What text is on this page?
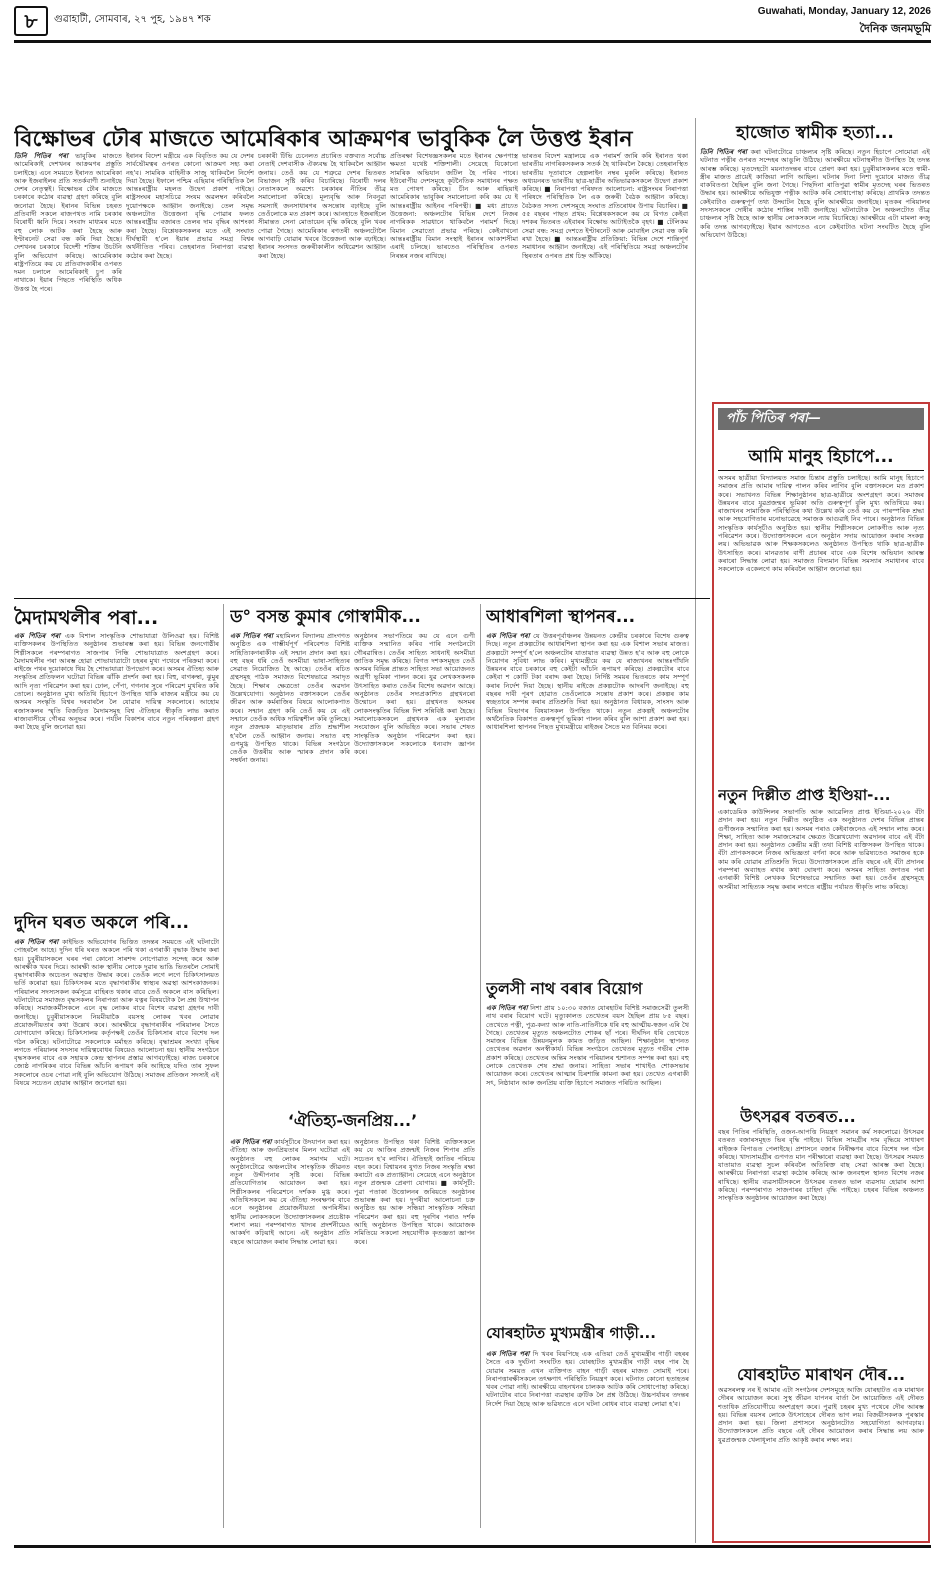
৮	গুৱাহাটী, সোমবাৰ, ২৭ পুহ, ১৯৪৭ শক
Guwahati, Monday, January 12, 2026
দৈনিক জনমভূমি
বিক্ষোভৰ ঢৌৰ মাজতে আমেৰিকাৰ আক্ৰমণৰ ভাবুকিক লৈ উত্তপ্ত ইৰান	হাজোত স্বামীক হত্যা...
তিনি পিতিৰ পৰা ভাবুকিৰ মাজতে আমেৰিকাই দেশখনৰ আক্ৰমণৰ প্ৰস্তুতি চলাইছে। এনে সময়তে ইৰানত আমেৰিকা আৰু ইজৰাইলৰ প্ৰতি সতৰ্কবাণী শুনাইছে দেশৰ নেতৃত্বই। বিক্ষোভৰ ঢৌৰ মাজতে চৰকাৰে কঠোৰ ব্যৱস্থা গ্ৰহণ কৰিছে বুলি জনোৱা হৈছে। ইৰানৰ বিভিন্ন চহৰত প্ৰতিবাদী সকলে ৰাজপথত নামি চৰকাৰ বিৰোধী ধ্বনি দিয়ে। সংবাদ মাধ্যমৰ মতে বহু লোক আটক কৰা হৈছে আৰু ইণ্টাৰনেট সেৱা বন্ধ কৰি দিয়া হৈছে। দেশখনৰ চৰকাৰে বিদেশী শক্তিৰ উচটনি বুলি অভিযোগ কৰিছে। আমেৰিকাৰ ৰাষ্ট্ৰপতিয়ে কয় যে প্ৰতিবাদকাৰীৰ ওপৰত দমন চলালে আমেৰিকাই চুপ কৰি নাথাকে। ইয়াৰ পিছতে পৰিস্থিতি অধিক উত্তপ্ত হৈ পৰে।
ইৰানৰ বিদেশ মন্ত্ৰীয়ে এক বিবৃতিত কয় যে দেশৰ সাৰ্বভৌমত্বৰ ওপৰত কোনো আক্ৰমণ সহ্য কৰা নহ'ব। সামৰিক বাহিনীক সাজু থাকিবলৈ নিৰ্দেশ দিয়া হৈছে। ইফালে পশ্চিম এছিয়াৰ পৰিস্থিতিক লৈ আন্তঃৰাষ্ট্ৰীয় মহলত উদ্বেগ প্ৰকাশ পাইছে। ৰাষ্ট্ৰসংঘৰ মহাসচিৱে সংযম অৱলম্বন কৰিবলৈ দুয়োপক্ষকে আহ্বান জনাইছে। তেল সমৃদ্ধ অঞ্চলটোত উত্তেজনা বৃদ্ধি পোৱাৰ ফলত আন্তঃৰাষ্ট্ৰীয় বজাৰত তেলৰ দাম বৃদ্ধিৰ আশংকা কৰা হৈছে। বিশ্লেষকসকলৰ মতে এই সংঘাত দীৰ্ঘস্থায়ী হ'লে ইয়াৰ প্ৰভাৱ সমগ্ৰ বিশ্বৰ অৰ্থনীতিত পৰিব। তেহৰানত নিৰাপত্তা ব্যৱস্থা কঠোৰ কৰা হৈছে।
চৰকাৰী টিভি চেনেলত প্ৰচাৰিত বক্তব্যত সৰ্বোচ্চ নেতাই দেশবাসীক ঐক্যবদ্ধ হৈ থাকিবলৈ আহ্বান জনায়। তেওঁ কয় যে শত্ৰুৱে দেশৰ ভিতৰত বিভাজন সৃষ্টি কৰিব বিচাৰিছে। বিৰোধী দলৰ নেতাসকলে অৱশ্যে চৰকাৰৰ নীতিৰ তীব্ৰ সমালোচনা কৰিছে। মূল্যবৃদ্ধি আৰু নিবনুৱা সমস্যাই জনসাধাৰণৰ অসন্তোষ বঢ়াইছে বুলি তেওঁলোকে মত প্ৰকাশ কৰে। আনহাতে ইজৰাইলে সীমান্তত সেনা মোতায়েন বৃদ্ধি কৰিছে বুলি খবৰ পোৱা গৈছে। আমেৰিকাৰ ৰণতৰী অঞ্চলটোলৈ আগবাঢ়ি যোৱাৰ খবৰে উত্তেজনা আৰু বঢ়াইছে। ইৰানৰ সংসদত জৰুৰীকালীন অধিৱেশন আহ্বান কৰা হৈছে।
প্ৰতিৰক্ষা বিশেষজ্ঞসকলৰ মতে ইৰানৰ ক্ষেপণাস্ত্ৰ ক্ষমতা যথেষ্ট শক্তিশালী। সেয়েহে যিকোনো সামৰিক অভিযান জটিল হৈ পৰিব পাৰে। ইউৰোপীয় দেশসমূহে কূটনৈতিক সমাধানৰ পক্ষত মত পোষণ কৰিছে। চীন আৰু ৰাছিয়াই আমেৰিকাৰ ভাবুকিৰ সমালোচনা কৰি কয় যে ই আন্তঃৰাষ্ট্ৰীয় আইনৰ পৰিপন্থী। ■ মধ্য প্ৰাচ্যত উত্তেজনা: অঞ্চলটোৰ বিভিন্ন দেশে নিজৰ নাগৰিকক সাৱধানে থাকিবলৈ পৰামৰ্শ দিছে। বিমান সেৱাতো প্ৰভাৱ পৰিছে। কেইবাখনো আন্তঃৰাষ্ট্ৰীয় বিমান সংস্থাই ইৰানৰ আকাশসীমা এৰাই চলিছে। ভাৰতেও পৰিস্থিতিৰ ওপৰত নিৰন্তৰ নজৰ ৰাখিছে।
ভাৰতৰ বিদেশ মন্ত্ৰালয়ে এক পৰামৰ্শ জাৰি কৰি ইৰানত থকা ভাৰতীয় নাগৰিকসকলক সতৰ্ক হৈ থাকিবলৈ কৈছে। তেহৰানস্থিত ভাৰতীয় দূতাবাসে হেল্পলাইন নম্বৰ মুকলি কৰিছে। ইৰানত অধ্যয়নৰত ভাৰতীয় ছাত্ৰ-ছাত্ৰীৰ অভিভাৱকসকলে উদ্বেগ প্ৰকাশ কৰিছে। ■ নিৰাপত্তা পৰিষদত আলোচনা: ৰাষ্ট্ৰসংঘৰ নিৰাপত্তা পৰিষদে পৰিস্থিতিক লৈ এক জৰুৰী বৈঠক আহ্বান কৰিছে। বৈঠকত সদস্য দেশসমূহে সংঘাত প্ৰতিৰোধৰ উপায় বিচাৰিব। ■ ৫৫ বছৰৰ পাছত প্ৰথম: বিশ্লেষকসকলে কয় যে বিগত কেইবা দশকৰ ভিতৰত এইবাৰৰ বিক্ষোভ আটাইতকৈ বৃহৎ। ■ টেলিকম সেৱা বন্ধ: সমগ্ৰ দেশতে ইণ্টাৰনেট আৰু মোবাইল সেৱা বন্ধ কৰি ৰখা হৈছে। ■ আন্তঃৰাষ্ট্ৰীয় প্ৰতিক্ৰিয়া: বিভিন্ন দেশে শান্তিপূৰ্ণ সমাধানৰ আহ্বান জনাইছে। এই পৰিস্থিতিয়ে সমগ্ৰ অঞ্চলটোৰ স্থিৰতাৰ ওপৰত প্ৰশ্ন চিহ্ন আঁকিছে।
তিনি পিতিৰ পৰা কৰা ঘটনাটোৱে চাঞ্চল্যৰ সৃষ্টি কৰিছে। নতুন হিচাপে সোমোৱা এই ঘটনাত পত্নীৰ ওপৰত সন্দেহৰ আঙুলি উঠিছে। আৰক্ষীয়ে ঘটনাস্থলীত উপস্থিত হৈ তদন্ত আৰম্ভ কৰিছে। মৃতদেহটো ময়নাতদন্তৰ বাবে প্ৰেৰণ কৰা হয়। চুবুৰীয়াসকলৰ মতে স্বামী-স্ত্ৰীৰ মাজত প্ৰায়েই কাজিয়া লাগি আছিল। ঘটনাৰ দিনা নিশা দুয়োৰে মাজত তীব্ৰ বাকবিতণ্ডা হৈছিল বুলি জনা গৈছে। পিছদিনা ৰাতিপুৱা স্বামীৰ মৃতদেহ ঘৰৰ ভিতৰত উদ্ধাৰ হয়। আৰক্ষীয়ে অভিযুক্ত পত্নীক আটক কৰি সোধাপোছা কৰিছে। প্ৰাথমিক তদন্তত কেইবাটাও গুৰুত্বপূৰ্ণ তথ্য উদ্ঘাটন হৈছে বুলি আৰক্ষীয়ে জনাইছে। মৃতকৰ পৰিয়ালৰ সদস্যসকলে দোষীৰ কঠোৰ শাস্তিৰ দাবী জনাইছে। ঘটনাটোক লৈ অঞ্চলটোত তীব্ৰ চাঞ্চল্যৰ সৃষ্টি হৈছে আৰু স্থানীয় লোকসকলে ন্যায় বিচাৰিছে। আৰক্ষীয়ে এটা মামলা ৰুজু কৰি তদন্ত আগবঢ়াইছে। ইয়াৰ আগতেও এনে কেইবাটাও ঘটনা সংঘটিত হৈছে বুলি অভিযোগ উঠিছে।
পাঁচ পিতিৰ পৰা—
আমি মানুহ হিচাপে...
অসমৰ ছাত্ৰীয়া বিদ্যালয়ত সমাজ চিন্তাৰ প্ৰস্তুতি চলাইছে। আমি মানুহ হিচাপে সমাজৰ প্ৰতি আমাৰ দায়িত্ব পালন কৰিব লাগিব বুলি বক্তাসকলে মত প্ৰকাশ কৰে। সভাখনত বিভিন্ন শিক্ষানুষ্ঠানৰ ছাত্ৰ-ছাত্ৰীয়ে অংশগ্ৰহণ কৰে। সমাজৰ উন্নয়নৰ বাবে যুৱপ্ৰজন্মৰ ভূমিকা অতি গুৰুত্বপূৰ্ণ বুলি মুখ্য অতিথিয়ে কয়। ৰাজ্যখনৰ সামাজিক পৰিস্থিতিৰ কথা উল্লেখ কৰি তেওঁ কয় যে পাৰস্পৰিক শ্ৰদ্ধা আৰু সহযোগিতাৰ মনোভাৱেহে সমাজক আগুৱাই নিব পাৰে। অনুষ্ঠানত বিভিন্ন সাংস্কৃতিক কাৰ্যসূচীও অনুষ্ঠিত হয়। স্থানীয় শিল্পীসকলে লোকগীত আৰু নৃত্য পৰিৱেশন কৰে। উদ্যোক্তাসকলে এনে অনুষ্ঠান সদায় আয়োজন কৰাৰ সংকল্প লয়। অভিভাৱক আৰু শিক্ষকসকলেও অনুষ্ঠানত উপস্থিত থাকি ছাত্ৰ-ছাত্ৰীক উৎসাহিত কৰে। মানৱতাৰ বাণী প্ৰচাৰৰ বাবে এক বিশেষ অভিযান আৰম্ভ কৰাৰো সিদ্ধান্ত লোৱা হয়। সমাজত বিদ্যমান বিভিন্ন সমস্যাৰ সমাধানৰ বাবে সকলোকে একেলগে কাম কৰিবলৈ আহ্বান জনোৱা হয়।
নতুন দিল্লীত প্ৰাপ্ত ইণ্ডিয়া-...
একাডেমিক কাউন্সিলৰ সভাপতি আৰু আৱেলিত প্ৰাপ্ত ইণ্ডিয়া-২০২৬ বঁটা প্ৰদান কৰা হয়। নতুন দিল্লীত অনুষ্ঠিত এক অনুষ্ঠানত দেশৰ বিভিন্ন প্ৰান্তৰ গুণীজনক সন্মানিত কৰা হয়। অসমৰ পৰাও কেইবাজনেও এই সন্মান লাভ কৰে। শিক্ষা, সাহিত্য আৰু সমাজসেৱাৰ ক্ষেত্ৰত উল্লেখযোগ্য অৱদানৰ বাবে এই বঁটা প্ৰদান কৰা হয়। অনুষ্ঠানত কেন্দ্ৰীয় মন্ত্ৰী তথা বিশিষ্ট ব্যক্তিসকল উপস্থিত থাকে। বঁটা প্ৰাপকসকলে নিজৰ অভিজ্ঞতা বৰ্ণনা কৰে আৰু ভৱিষ্যতেও সমাজৰ হকে কাম কৰি যোৱাৰ প্ৰতিশ্ৰুতি দিয়ে। উদ্যোক্তাসকলে প্ৰতি বছৰে এই বঁটা প্ৰদানৰ পৰম্পৰা অব্যাহত ৰখাৰ কথা ঘোষণা কৰে। অসমৰ সাহিত্য জগতৰ পৰা এগৰাকী বিশিষ্ট লেখকক বিশেষভাৱে সন্মানিত কৰা হয়। তেওঁৰ গ্ৰন্থসমূহে অসমীয়া সাহিত্যক সমৃদ্ধ কৰাৰ লগতে ৰাষ্ট্ৰীয় পৰ্যায়ত স্বীকৃতি লাভ কৰিছে।
উৎসৱৰ বতৰত...
বছৰ পিতিৰ পৰিস্থিতি, ওজন-আপত্তি নিয়ন্ত্ৰণ সমানৰ কৰ্ম সকলোৱে। উৎসৱৰ বতৰত বজাৰসমূহত ভিৰ বৃদ্ধি পাইছে। বিভিন্ন সামগ্ৰীৰ দাম বৃদ্ধিয়ে সাধাৰণ ৰাইজক বিপাঙত পেলাইছে। প্ৰশাসনে বজাৰ নিৰীক্ষণৰ বাবে বিশেষ দল গঠন কৰিছে। খাদ্যসামগ্ৰীৰ গুণগত মান পৰীক্ষাৰো ব্যৱস্থা কৰা হৈছে। উৎসৱৰ সময়ত যাতায়াত ব্যৱস্থা সুচল কৰিবলৈ অতিৰিক্ত বাছ সেৱা আৰম্ভ কৰা হৈছে। আৰক্ষীয়ে নিৰাপত্তা ব্যৱস্থা কঠোৰ কৰিছে আৰু জনবহুল স্থানত বিশেষ নজৰ ৰাখিছে। স্থানীয় ব্যৱসায়ীসকলে উৎসৱৰ বতৰত ভাল ব্যৱসায় হোৱাৰ আশা কৰিছে। পৰম্পৰাগত সাজপাৰৰ চাহিদা বৃদ্ধি পাইছে। চহৰৰ বিভিন্ন অঞ্চলত সাংস্কৃতিক অনুষ্ঠানৰ আয়োজন কৰা হৈছে।
যোৰহাটত মাৰাথন দৌৰ...
অৱসৰলত্ব নৰ ই আমাৰ এটা সংগঠনৰ দেশসমূহে আজি যোৰহাটত এক মাৰাথন দৌৰৰ আয়োজন কৰে। সুস্থ জীৱন যাপনৰ বাৰ্তা লৈ আয়োজিত এই দৌৰত শতাধিক প্ৰতিযোগীয়ে অংশগ্ৰহণ কৰে। পুৱাই চহৰৰ মুখ্য পথেৰে দৌৰ আৰম্ভ হয়। বিভিন্ন বয়সৰ লোকে উৎসাহেৰে দৌৰত ভাগ লয়। বিজয়ীসকলক পুৰস্কাৰ প্ৰদান কৰা হয়। জিলা প্ৰশাসনে অনুষ্ঠানটোত সহযোগিতা আগবঢ়ায়। উদ্যোক্তাসকলে প্ৰতি বছৰে এই দৌৰৰ আয়োজন কৰাৰ সিদ্ধান্ত লয় আৰু যুৱপ্ৰজন্মক খেলাধূলাৰ প্ৰতি আকৃষ্ট কৰাৰ লক্ষ্য লয়।
মৈদামথলীৰ পৰা...
এক পিতিৰ পৰা এক বিশাল সাংস্কৃতিক শোভাযাত্ৰা উলিওৱা হয়। বিশিষ্ট ব্যক্তিসকলৰ উপস্থিতিত অনুষ্ঠানৰ শুভাৰম্ভ কৰা হয়। বিভিন্ন জনগোষ্ঠীৰ শিল্পীসকলে পৰম্পৰাগত সাজপাৰ পিন্ধি শোভাযাত্ৰাত অংশগ্ৰহণ কৰে। মৈদামথলীৰ পৰা আৰম্ভ হোৱা শোভাযাত্ৰাটো চহৰৰ মুখ্য পথেৰে পৰিক্ৰমা কৰে। ৰাইজে পথৰ দুয়োকাষে থিয় হৈ শোভাযাত্ৰা উপভোগ কৰে। অসমৰ ঐতিহ্য আৰু সংস্কৃতিৰ প্ৰতিফলন ঘটোৱা বিভিন্ন ঝাঁকি প্ৰদৰ্শন কৰা হয়। বিহু, বাগৰুম্বা, ঝুমুৰ আদি নৃত্য পৰিৱেশন কৰা হয়। ঢোল, পেঁপা, গগনাৰ সুৰে পৰিৱেশ মুখৰিত কৰি তোলে। অনুষ্ঠানত মুখ্য অতিথি হিচাপে উপস্থিত থাকি ৰাজ্যৰ মন্ত্ৰীয়ে কয় যে অসমৰ সংস্কৃতি বিশ্বৰ দৰবাৰলৈ লৈ যোৱাৰ দায়িত্ব সকলোৰে। আহোম ৰজাসকলৰ স্মৃতি বিজড়িত মৈদামসমূহ বিশ্ব ঐতিহ্যৰ স্বীকৃতি লাভ কৰাত ৰাজ্যবাসীয়ে গৌৰৱ অনুভৱ কৰে। পৰ্যটন বিকাশৰ বাবে নতুন পৰিকল্পনা গ্ৰহণ কৰা হৈছে বুলি জনোৱা হয়।
দুদিন ঘৰত অকলে পৰি...
এক পিতিৰ পৰা কাইভিত অভিযোগৰ ভিত্তিত তদন্তৰ সময়তে এই ঘটনাটো পোহৰলৈ আহে। দুদিন ধৰি ঘৰত অকলে পৰি থকা এগৰাকী বৃদ্ধাক উদ্ধাৰ কৰা হয়। চুবুৰীয়াসকলে ঘৰৰ পৰা কোনো সাৰশব্দ নোপোৱাত সন্দেহ কৰে আৰু আৰক্ষীক খবৰ দিয়ে। আৰক্ষী আৰু স্থানীয় লোকে দুৱাৰ ভাঙি ভিতৰলৈ সোমাই বৃদ্ধাগৰাকীক অচেতন অৱস্থাত উদ্ধাৰ কৰে। তেওঁক লগে লগে চিকিৎসালয়ত ভৰ্তি কৰোৱা হয়। চিকিৎসকৰ মতে বৃদ্ধাগৰাকীৰ স্বাস্থ্যৰ অৱস্থা আশংকাজনক। পৰিয়ালৰ সদস্যসকল কৰ্মসূত্ৰে বাহিৰত থকাৰ বাবে তেওঁ অকলে বাস কৰিছিল। ঘটনাটোৱে সমাজত বৃদ্ধসকলৰ নিৰাপত্তা আৰু যত্নৰ বিষয়টোক লৈ প্ৰশ্ন উত্থাপন কৰিছে। সমাজকৰ্মীসকলে এনে বৃদ্ধ লোকৰ বাবে বিশেষ ব্যৱস্থা গ্ৰহণৰ দাবী জনাইছে। চুবুৰীয়াসকলে নিয়মীয়াকৈ বয়সস্থ লোকৰ খবৰ লোৱাৰ প্ৰয়োজনীয়তাৰ কথা উল্লেখ কৰে। আৰক্ষীয়ে বৃদ্ধাগৰাকীৰ পৰিয়ালৰ সৈতে যোগাযোগ কৰিছে। চিকিৎসালয় কৰ্তৃপক্ষই তেওঁৰ চিকিৎসাৰ বাবে বিশেষ দল গঠন কৰিছে। ঘটনাটোৱে সকলোকে মৰ্মাহত কৰিছে। বৃদ্ধাশ্ৰমৰ সংখ্যা বৃদ্ধিৰ লগতে পৰিয়ালৰ সদস্যৰ দায়িত্ববোধৰ বিষয়েও আলোচনা হয়। স্থানীয় সংগঠনে বৃদ্ধসকলৰ বাবে এক সহায়ক কেন্দ্ৰ স্থাপনৰ প্ৰস্তাৱ আগবঢ়াইছে। ৰাজ্য চৰকাৰে জ্যেষ্ঠ নাগৰিকৰ বাবে বিভিন্ন আঁচনি ৰূপায়ণ কৰি আহিছে যদিও তাৰ সুফল সকলোৰে ওচৰ পোৱা নাই বুলি অভিযোগ উঠিছে। সমাজৰ প্ৰতিজন সদস্যই এই বিষয়ে সচেতন হোৱাৰ আহ্বান জনোৱা হয়।
ড° বসন্ত কুমাৰ গোস্বামীক...
এক পিতিৰ পৰা মহামিলন বিদ্যালয় প্ৰাংগণত অনুষ্ঠিত এক গাম্ভীৰ্যপূৰ্ণ পৰিবেশত বিশিষ্ট সাহিত্যিকগৰাকীক এই সন্মান প্ৰদান কৰা হয়। বহু বছৰ ধৰি তেওঁ অসমীয়া ভাষা-সাহিত্যৰ সেৱাত নিয়োজিত হৈ আছে। তেওঁৰ ৰচিত গ্ৰন্থসমূহ পাঠক সমাজত বিশেষভাৱে সমাদৃত হৈছে। শিক্ষাৰ ক্ষেত্ৰতো তেওঁৰ অৱদান উল্লেখযোগ্য। অনুষ্ঠানত বক্তাসকলে তেওঁৰ জীৱন আৰু কৰ্মৰাজিৰ বিষয়ে আলোকপাত কৰে। সন্মান গ্ৰহণ কৰি তেওঁ কয় যে এই সন্মানে তেওঁক অধিক দায়িত্বশীল কৰি তুলিছে। নতুন প্ৰজন্মক মাতৃভাষাৰ প্ৰতি শ্ৰদ্ধাশীল হ'বলৈ তেওঁ আহ্বান জনায়। সভাত বহু গুণমুগ্ধ উপস্থিত থাকে। বিভিন্ন সংগঠনে তেওঁক উত্তৰীয় আৰু স্মাৰক প্ৰদান কৰি সম্বৰ্ধনা জনায়।
অনুষ্ঠানৰ সভাপতিয়ে কয় যে এনে গুণী ব্যক্তিক সন্মানিত কৰিব পাৰি সংগঠনটো গৌৰৱান্বিত। তেওঁৰ সাহিত্য সাধনাই অসমীয়া জাতিক সমৃদ্ধ কৰিছে। বিগত দশকসমূহত তেওঁ অসমৰ বিভিন্ন প্ৰান্তত সাহিত্য সভা আয়োজনত অগ্ৰণী ভূমিকা পালন কৰে। যুৱ লেখকসকলক উৎসাহিত কৰাত তেওঁৰ বিশেষ অৱদান আছে। অনুষ্ঠানত তেওঁৰ সদ্যপ্ৰকাশিত গ্ৰন্থখনৰো উন্মোচন কৰা হয়। গ্ৰন্থখনত অসমৰ লোকসংস্কৃতিৰ বিভিন্ন দিশ সন্নিবিষ্ট কৰা হৈছে। সমালোচকসকলে গ্ৰন্থখনক এক মূল্যবান সংযোজন বুলি অভিহিত কৰে। সভাৰ শেষত সাংস্কৃতিক অনুষ্ঠান পৰিৱেশন কৰা হয়। উদ্যোক্তাসকলে সকলোকে ধন্যবাদ জ্ঞাপন কৰে।
‘ঐতিহ্য-জনপ্ৰিয়...’
এক পিতিৰ পৰা কাৰ্যসূচীৰে উদযাপন কৰা হয়। ঐতিহ্য আৰু জনপ্ৰিয়তাৰ মিলন ঘটোৱা এই অনুষ্ঠানত বহু লোকৰ সমাগম ঘটে। অনুষ্ঠানটোৱে অঞ্চলটোৰ সাংস্কৃতিক জীৱনত নতুন উদ্দীপনাৰ সৃষ্টি কৰে। বিভিন্ন প্ৰতিযোগিতাৰ আয়োজন কৰা হয়। শিল্পীসকলৰ পৰিৱেশনে দৰ্শকক মুগ্ধ কৰে। অতিথিসকলে কয় যে ঐতিহ্য সংৰক্ষণৰ বাবে এনে অনুষ্ঠানৰ প্ৰয়োজনীয়তা অপৰিসীম। স্থানীয় লোকসকলে উদ্যোক্তাসকলৰ প্ৰচেষ্টাক শলাগ লয়। পৰম্পৰাগত খাদ্যৰ প্ৰদৰ্শনীয়েও আকৰ্ষণ কঢ়িয়াই আনে। এই অনুষ্ঠান প্ৰতি বছৰে আয়োজন কৰাৰ সিদ্ধান্ত লোৱা হয়।
অনুষ্ঠানত উপস্থিত থকা বিশিষ্ট ব্যক্তিসকলে কয় যে আজিৰ প্ৰজন্মই নিজৰ শিপাৰ প্ৰতি সচেতন হ'ব লাগিব। ঐতিহ্যই জাতিৰ পৰিচয় বহন কৰে। বিশ্বায়নৰ যুগত নিজৰ সংস্কৃতি ৰক্ষা কৰাটো এক প্ৰত্যাহ্বান। সেয়েহে এনে অনুষ্ঠানে নতুন প্ৰজন্মক প্ৰেৰণা যোগায়। ■ কাৰ্যসূচী: পুৱা পতাকা উত্তোলনৰ জৰিয়তে অনুষ্ঠানৰ শুভাৰম্ভ কৰা হয়। দুপৰীয়া আলোচনা চক্ৰ অনুষ্ঠিত হয় আৰু সন্ধিয়া সাংস্কৃতিক সন্ধিয়া পৰিৱেশন কৰা হয়। বহু দূৰণিৰ পৰাও দৰ্শক আহি অনুষ্ঠানত উপস্থিত থাকে। আয়োজক সমিতিয়ে সকলো সহযোগীক কৃতজ্ঞতা জ্ঞাপন কৰে।
আধাৰশিলা স্থাপনৰ...
এক পিতিৰ পৰা যে উত্তৰপূৰ্বাঞ্চলৰ উন্নয়নত কেন্দ্ৰীয় চৰকাৰে বিশেষ গুৰুত্ব দিছে। নতুন প্ৰকল্পটোৰ আধাৰশিলা স্থাপন কৰা হয় এক বিশাল সভাৰ মাজত। প্ৰকল্পটো সম্পূৰ্ণ হ'লে অঞ্চলটোৰ যাতায়াত ব্যৱস্থা উন্নত হ'ব আৰু বহু লোকে নিয়োগৰ সুবিধা লাভ কৰিব। মুখ্যমন্ত্ৰীয়ে কয় যে ৰাজ্যখনৰ আন্তঃগাঁথনি উন্নয়নৰ বাবে চৰকাৰে বহু কেইটা আঁচনি ৰূপায়ণ কৰিছে। প্ৰকল্পটোৰ বাবে কেইবা শ কোটি টকা বৰাদ্দ কৰা হৈছে। নিৰ্দিষ্ট সময়ৰ ভিতৰতে কাম সম্পূৰ্ণ কৰাৰ নিৰ্দেশ দিয়া হৈছে। স্থানীয় ৰাইজে প্ৰকল্পটোক আদৰণি জনাইছে। বহু বছৰৰ দাবী পূৰণ হোৱাত তেওঁলোকে সন্তোষ প্ৰকাশ কৰে। প্ৰকল্পৰ কাম স্বচ্ছতাৰে সম্পন্ন কৰাৰ প্ৰতিশ্ৰুতি দিয়া হয়। অনুষ্ঠানত বিধায়ক, সাংসদ আৰু বিভিন্ন বিভাগৰ বিষয়াসকল উপস্থিত থাকে। নতুন প্ৰকল্পই অঞ্চলটোৰ অৰ্থনৈতিক বিকাশত গুৰুত্বপূৰ্ণ ভূমিকা পালন কৰিব বুলি আশা প্ৰকাশ কৰা হয়। আধাৰশিলা স্থাপনৰ পিছত মুখ্যমন্ত্ৰীয়ে ৰাইজৰ সৈতে মত বিনিময় কৰে।
তুলসী নাথ বৰাৰ বিয়োগ
এক পিতিৰ পৰা নিশা প্ৰায় ১০:৩০ বজাত যোৰহাটৰ বিশিষ্ট সমাজসেৱী তুলসী নাথ বৰাৰ বিয়োগ ঘটে। মৃত্যুকালত তেখেতৰ বয়স হৈছিল প্ৰায় ৮৫ বছৰ। তেখেতে পত্নী, পুত্ৰ-কন্যা আৰু নাতি-নাতিনীকে ধৰি বহু আত্মীয়-স্বজন এৰি থৈ গৈছে। তেখেতৰ মৃত্যুত অঞ্চলটোত শোকৰ ছাঁ পৰে। দীৰ্ঘদিন ধৰি তেখেতে সমাজৰ বিভিন্ন উন্নয়নমূলক কামত জড়িত আছিল। শিক্ষানুষ্ঠান স্থাপনত তেখেতৰ অৱদান অনস্বীকাৰ্য। বিভিন্ন সংগঠনে তেখেতৰ মৃত্যুত গভীৰ শোক প্ৰকাশ কৰিছে। তেখেতৰ অন্তিম সংস্কাৰ পৰিয়ালৰ শ্মশানত সম্পন্ন কৰা হয়। বহু লোকে তেখেতক শেষ শ্ৰদ্ধা জনায়। সাহিত্য সভাৰ শাখাইও শোকসভাৰ আয়োজন কৰে। তেখেতৰ আত্মাৰ চিৰশান্তি কামনা কৰা হয়। তেখেত এগৰাকী সৎ, নিষ্ঠাবান আৰু জনপ্ৰিয় ব্যক্তি হিচাপে সমাজত পৰিচিত আছিল।
যোৰহাটত মুখ্যমন্ত্ৰীৰ গাড়ী...
এক পিতিৰ পৰা দি খবৰ বিয়পিছে এক এতিয়া তেওঁ মুখ্যমন্ত্ৰীৰ গাড়ী বহৰৰ সৈতে এক দুৰ্ঘটনা সংঘটিত হয়। যোৰহাটত মুখ্যমন্ত্ৰীৰ গাড়ী বহৰ পাৰ হৈ যোৱাৰ সময়ত এখন ব্যক্তিগত বাহন গাড়ী বহৰৰ মাজত সোমাই পৰে। নিৰাপত্তাৰক্ষীসকলে তৎক্ষণাৎ পৰিস্থিতি নিয়ন্ত্ৰণ কৰে। ঘটনাত কোনো হতাহতৰ খবৰ পোৱা নাই। আৰক্ষীয়ে বাহনখনৰ চালকক আটক কৰি সোধাপোছা কৰিছে। ঘটনাটোৰ বাবে নিৰাপত্তা ব্যৱস্থাৰ ত্ৰুটিক লৈ প্ৰশ্ন উঠিছে। উচ্চপৰ্যায়ৰ তদন্তৰ নিৰ্দেশ দিয়া হৈছে আৰু ভৱিষ্যতে এনে ঘটনা ৰোধৰ বাবে ব্যৱস্থা লোৱা হ'ব।
